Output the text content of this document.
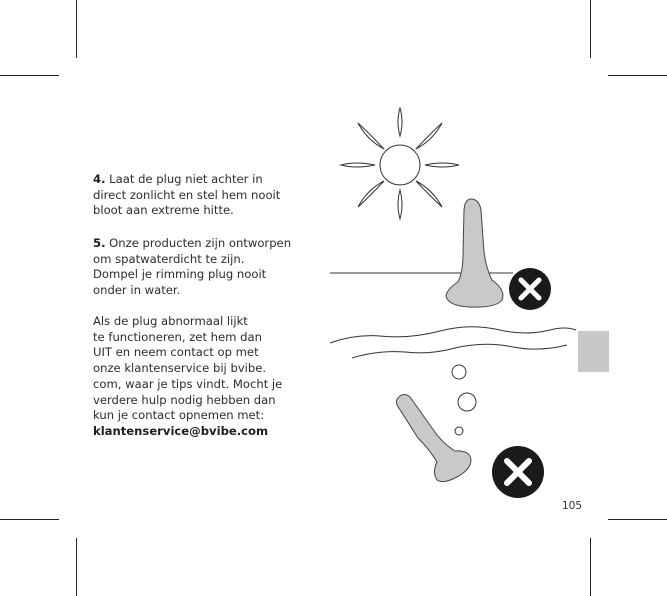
4. Laat de plug niet achter in
direct zonlicht en stel hem nooit
bloot aan extreme hitte.
5. Onze producten zijn ontworpen
om spatwaterdicht te zijn.
Dompel je rimming plug nooit
onder in water.
Als de plug abnormaal lijkt
te functioneren, zet hem dan
UIT en neem contact op met
onze klantenservice bij bvibe.
com, waar je tips vindt. Mocht je
verdere hulp nodig hebben dan
kun je contact opnemen met:
klantenservice@bvibe.com
105
